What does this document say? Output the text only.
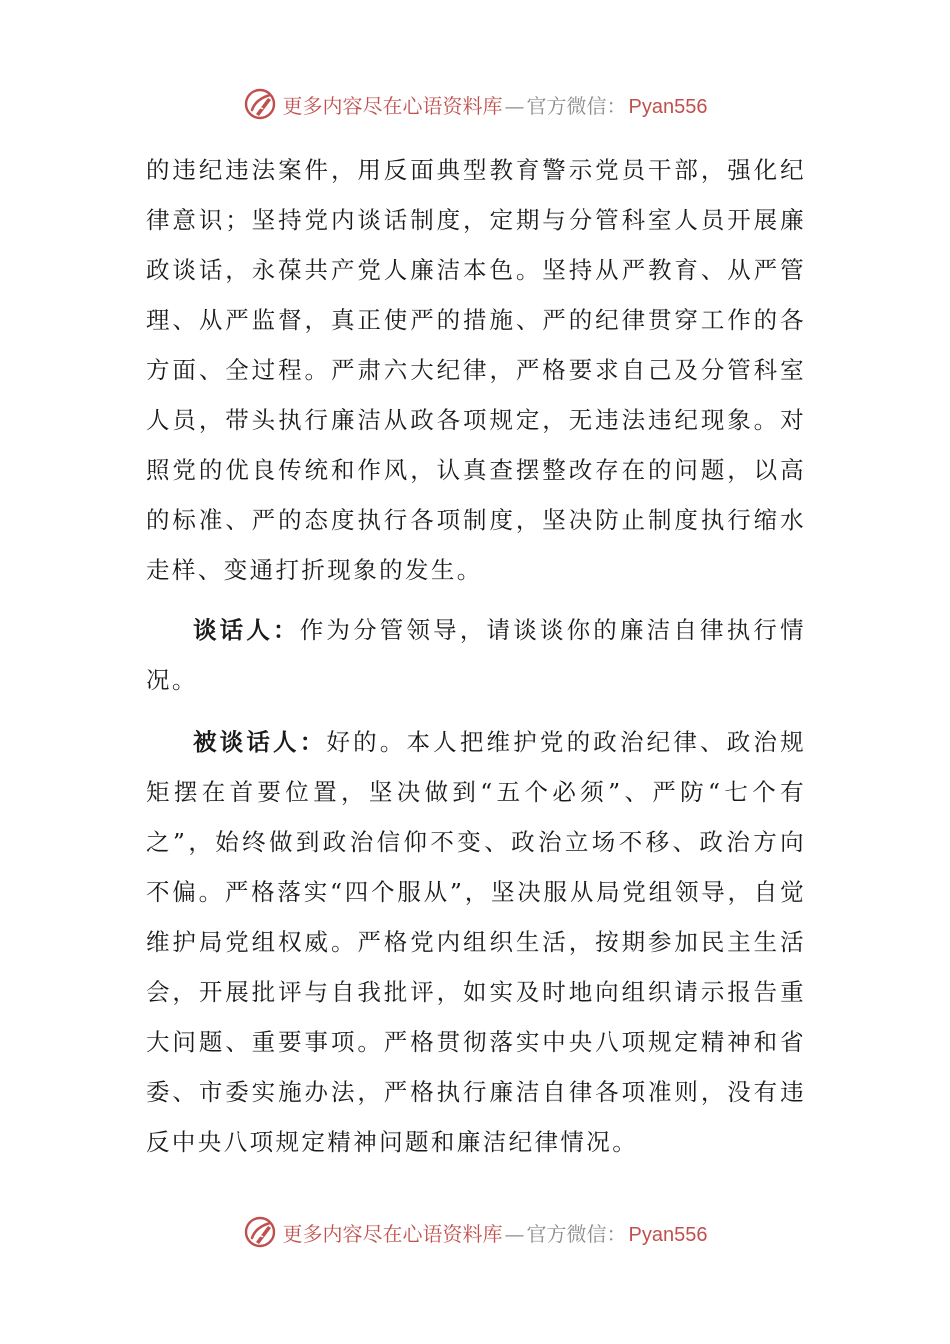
更多内容尽在心语资料库 — 官方微信： Pyan556

的违纪违法案件，用反面典型教育警示党员干部，强化纪律意识；坚持党内谈话制度，定期与分管科室人员开展廉政谈话，永葆共产党人廉洁本色。坚持从严教育、从严管理、从严监督，真正使严的措施、严的纪律贯穿工作的各方面、全过程。严肃六大纪律，严格要求自己及分管科室人员，带头执行廉洁从政各项规定，无违法违纪现象。对照党的优良传统和作风，认真查摆整改存在的问题，以高的标准、严的态度执行各项制度，坚决防止制度执行缩水走样、变通打折现象的发生。

谈话人：作为分管领导，请谈谈你的廉洁自律执行情况。

被谈话人：好的。本人把维护党的政治纪律、政治规矩摆在首要位置，坚决做到“五个必须”、严防“七个有之”，始终做到政治信仰不变、政治立场不移、政治方向不偏。严格落实“四个服从”，坚决服从局党组领导，自觉维护局党组权威。严格党内组织生活，按期参加民主生活会，开展批评与自我批评，如实及时地向组织请示报告重大问题、重要事项。严格贯彻落实中央八项规定精神和省委、市委实施办法，严格执行廉洁自律各项准则，没有违反中央八项规定精神问题和廉洁纪律情况。

更多内容尽在心语资料库 — 官方微信： Pyan556
